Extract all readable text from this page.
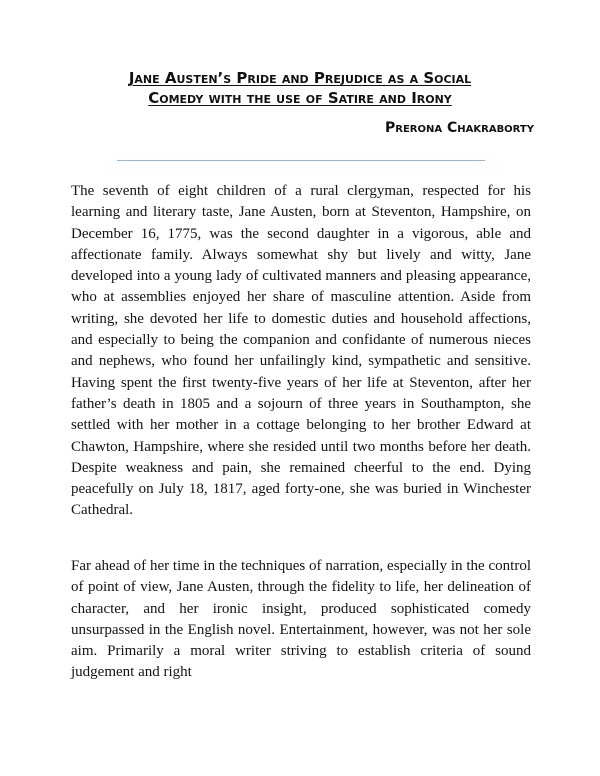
Jane Austen’s Pride and Prejudice as a Social
Comedy with the use of Satire and Irony
Prerona Chakraborty

The seventh of eight children of a rural clergyman, respected for his learning and literary taste, Jane Austen, born at Steventon, Hampshire, on December 16, 1775, was the second daughter in a vigorous, able and affectionate family. Always somewhat shy but lively and witty, Jane developed into a young lady of cultivated manners and pleasing appearance, who at assemblies enjoyed her share of masculine attention. Aside from writing, she devoted her life to domestic duties and household affections, and especially to being the companion and confidante of numerous nieces and nephews, who found her unfailingly kind, sympathetic and sensitive. Having spent the first twenty-five years of her life at Steventon, after her father’s death in 1805 and a sojourn of three years in Southampton, she settled with her mother in a cottage belonging to her brother Edward at Chawton, Hampshire, where she resided until two months before her death. Despite weakness and pain, she remained cheerful to the end. Dying peacefully on July 18, 1817, aged forty-one, she was buried in Winchester Cathedral.

Far ahead of her time in the techniques of narration, especially in the control of point of view, Jane Austen, through the fidelity to life, her delineation of character, and her ironic insight, produced sophisticated comedy unsurpassed in the English novel. Entertainment, however, was not her sole aim. Primarily a moral writer striving to establish criteria of sound judgement and right
